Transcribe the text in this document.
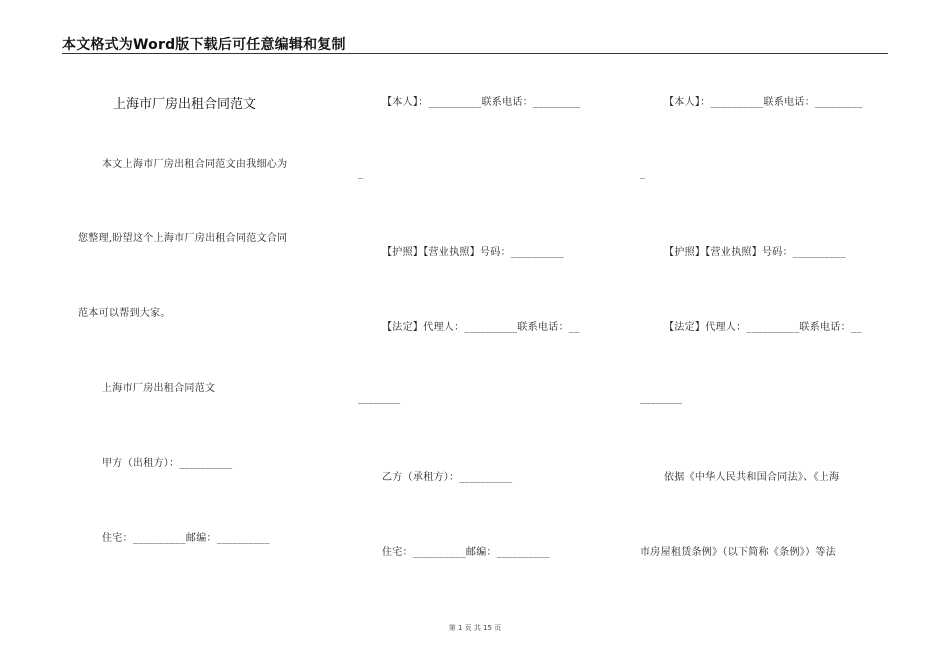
本文格式为Word版下载后可任意编辑和复制
上海市厂房出租合同范文
本文上海市厂房出租合同范文由我细心为
您整理,盼望这个上海市厂房出租合同范文合同
范本可以帮到大家。
上海市厂房出租合同范文
甲方（出租方）：__________
住宅：__________邮编：__________
【本人】：__________联系电话：_________
_
【护照】【营业执照】号码：__________
【法定】代理人：__________联系电话：__
________
乙方（承租方）：__________
住宅：__________邮编：__________
【本人】：__________联系电话：_________
_
【护照】【营业执照】号码：__________
【法定】代理人：__________联系电话：__
________
依据《中华人民共和国合同法》、《上海
市房屋租赁条例》（以下简称《条例》）等法
第 1 页 共 15 页
